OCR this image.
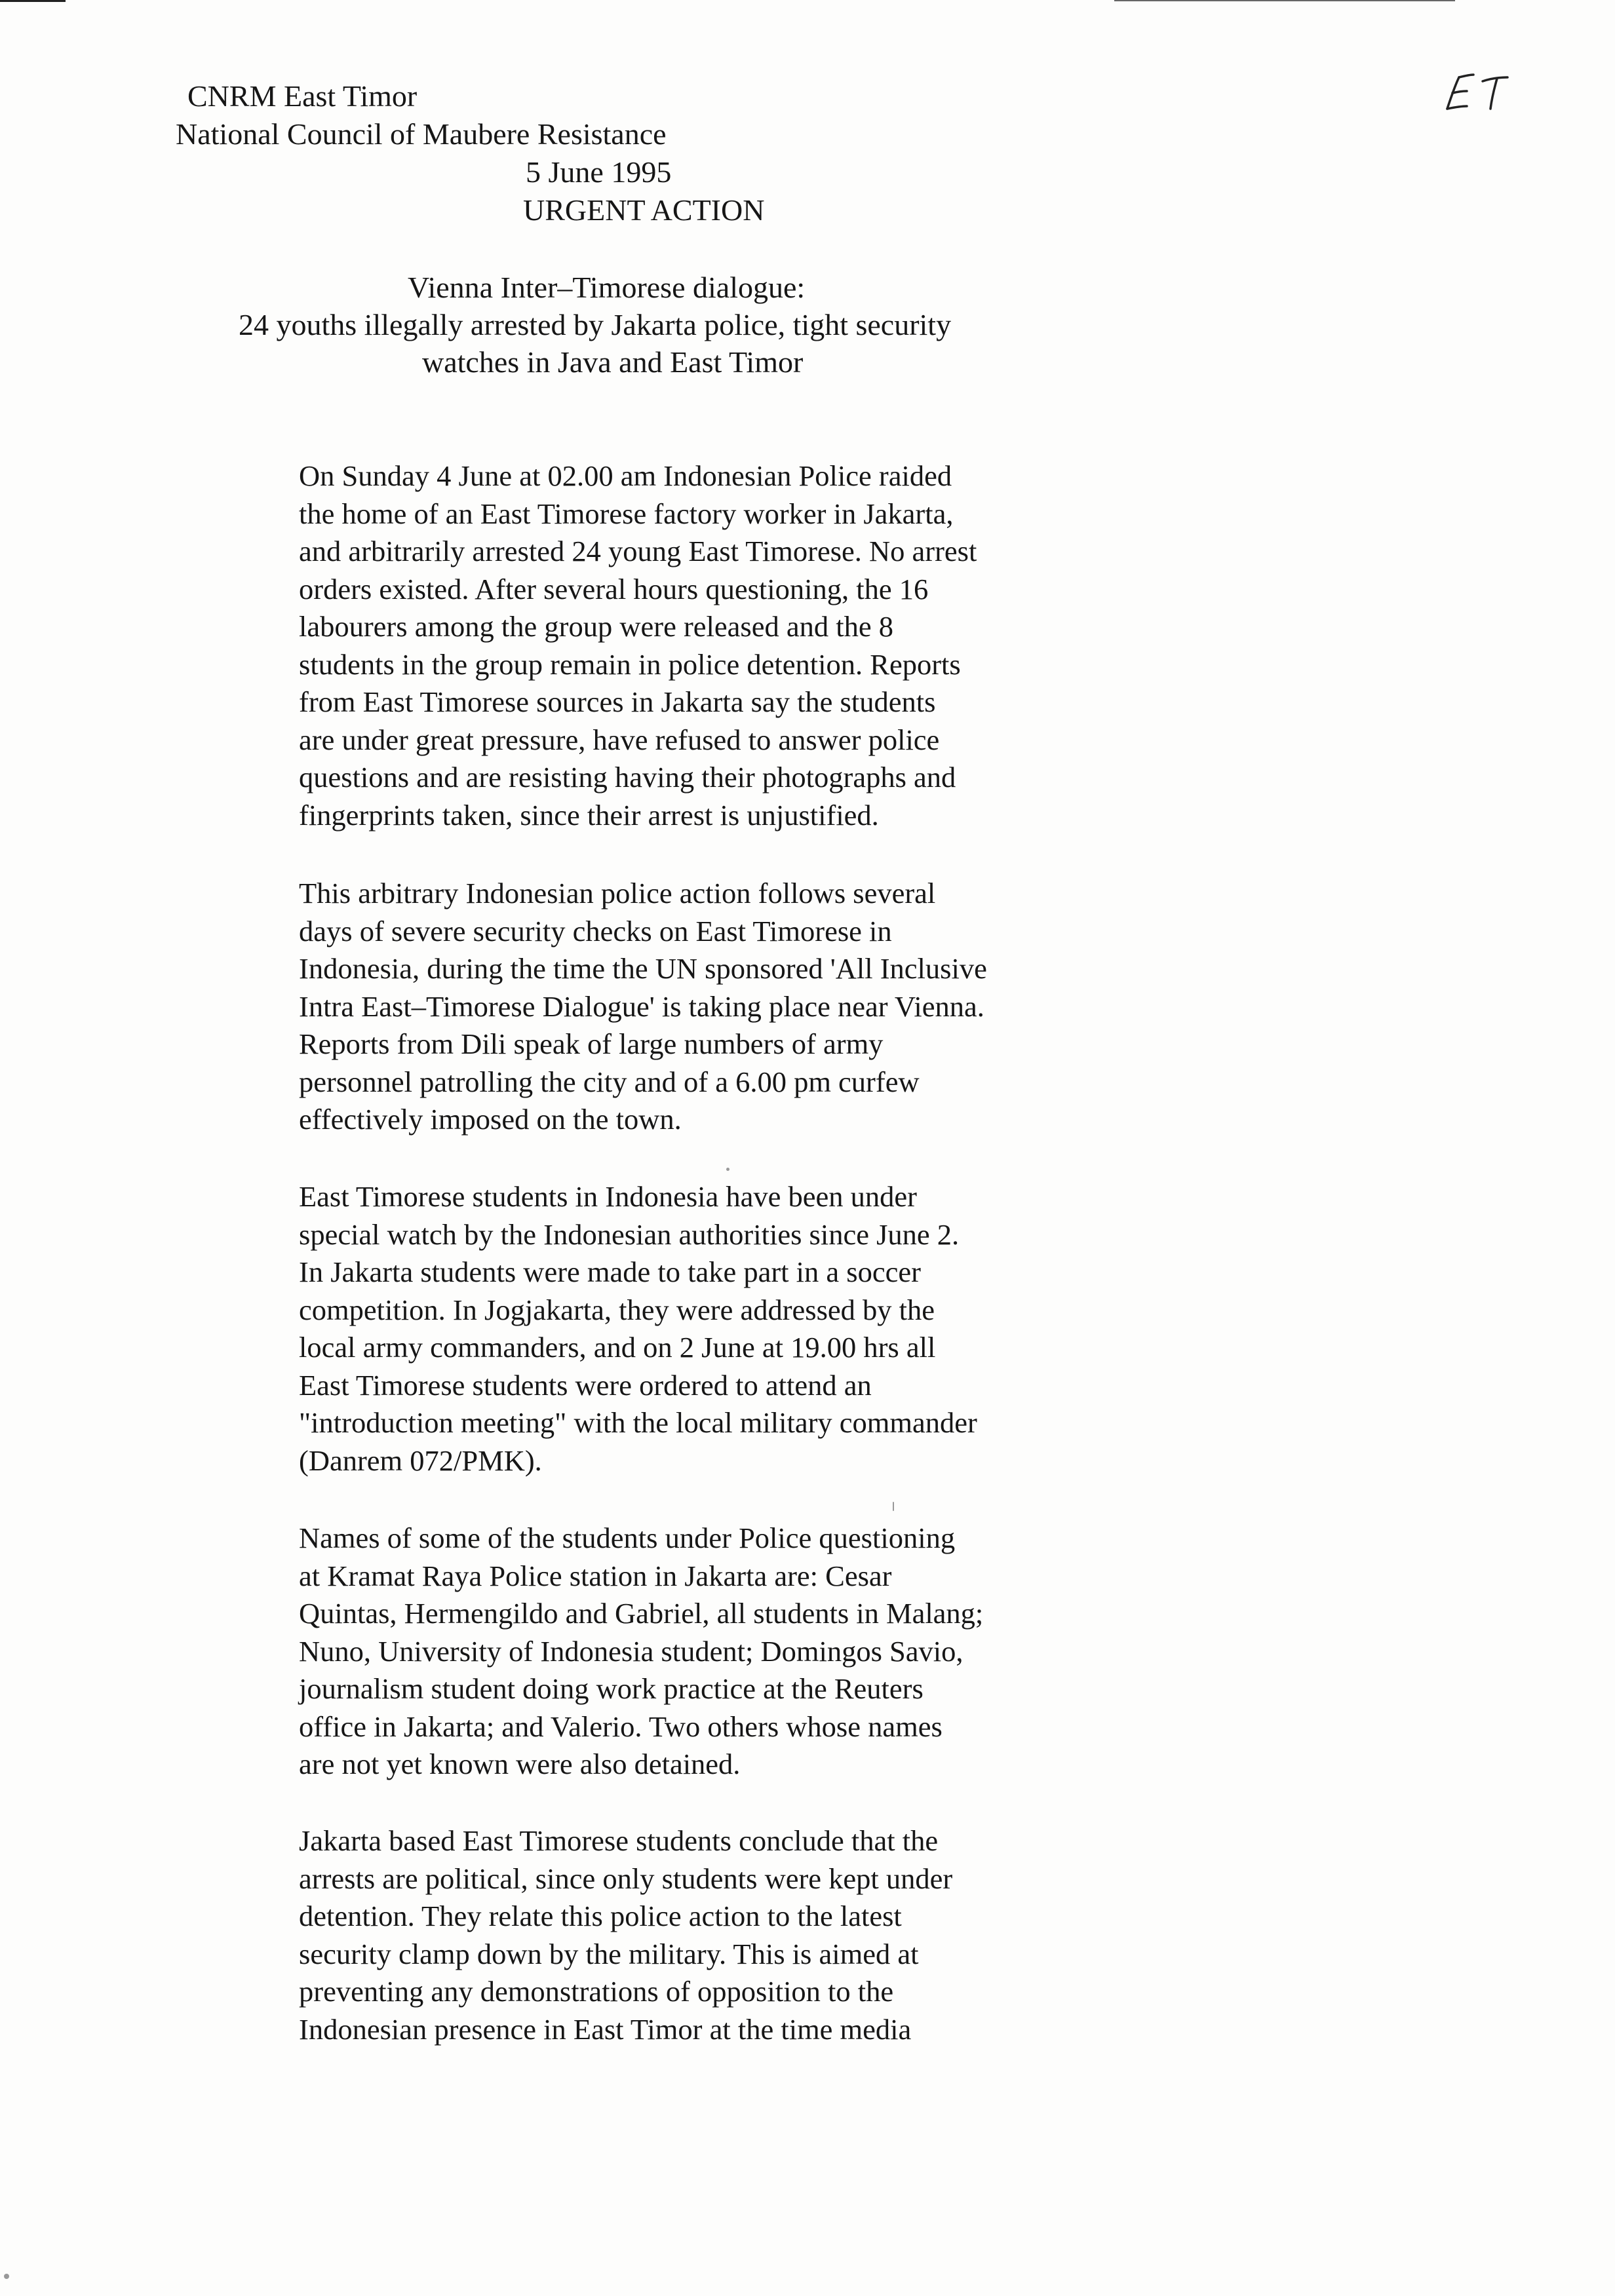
CNRM East Timor
National Council of Maubere Resistance
5 June 1995
URGENT ACTION
Vienna Inter–Timorese dialogue:
24 youths illegally arrested by Jakarta police, tight security
watches in Java and East Timor
On Sunday 4 June at 02.00 am Indonesian Police raided
the home of an East Timorese factory worker in Jakarta,
and arbitrarily arrested 24 young East Timorese. No arrest
orders existed. After several hours questioning, the 16
labourers among the group were released and the 8
students in the group remain in police detention. Reports
from East Timorese sources in Jakarta say the students
are under great pressure, have refused to answer police
questions and are resisting having their photographs and
fingerprints taken, since their arrest is unjustified.
This arbitrary Indonesian police action follows several
days of severe security checks on East Timorese in
Indonesia, during the time the UN sponsored 'All Inclusive
Intra East–Timorese Dialogue' is taking place near Vienna.
Reports from Dili speak of large numbers of army
personnel patrolling the city and of a 6.00 pm curfew
effectively imposed on the town.
East Timorese students in Indonesia have been under
special watch by the Indonesian authorities since June 2.
In Jakarta students were made to take part in a soccer
competition. In Jogjakarta, they were addressed by the
local army commanders, and on 2 June at 19.00 hrs all
East Timorese students were ordered to attend an
"introduction meeting" with the local military commander
(Danrem 072/PMK).
Names of some of the students under Police questioning
at Kramat Raya Police station in Jakarta are: Cesar
Quintas, Hermengildo and Gabriel, all students in Malang;
Nuno, University of Indonesia student; Domingos Savio,
journalism student doing work practice at the Reuters
office in Jakarta; and Valerio. Two others whose names
are not yet known were also detained.
Jakarta based East Timorese students conclude that the
arrests are political, since only students were kept under
detention. They relate this police action to the latest
security clamp down by the military. This is aimed at
preventing any demonstrations of opposition to the
Indonesian presence in East Timor at the time media
